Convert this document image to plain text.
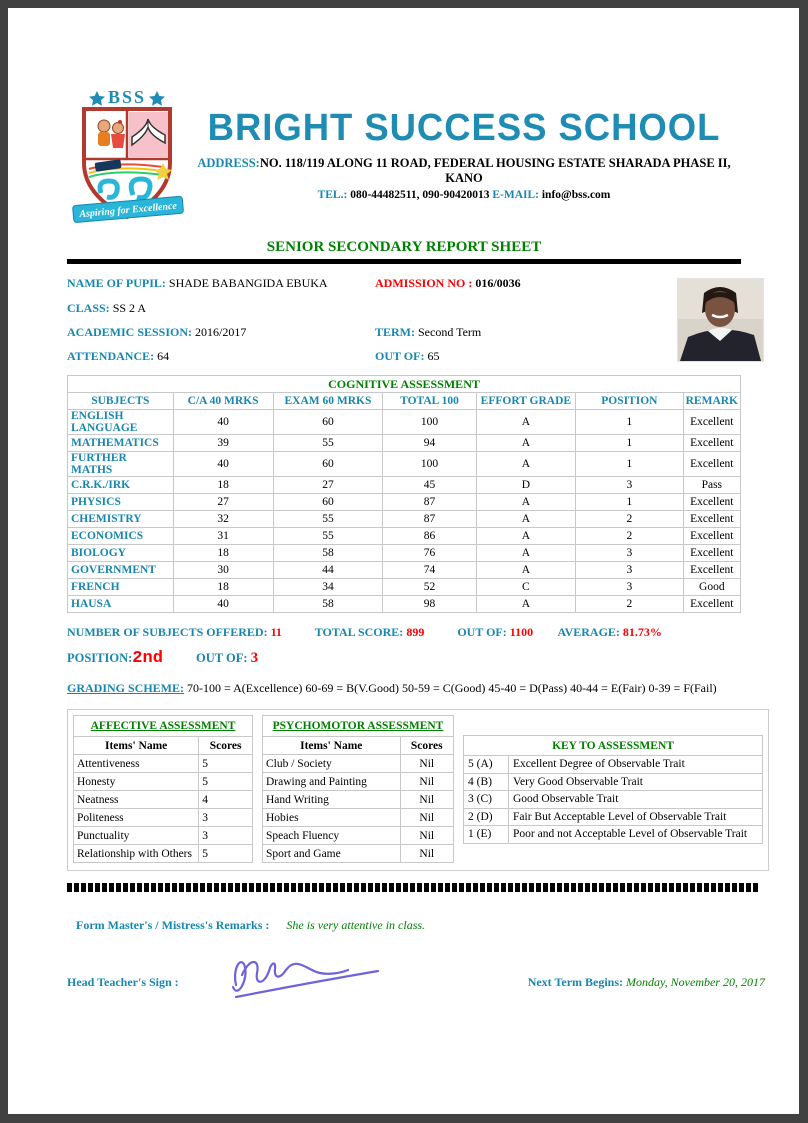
BSS
Aspiring for Excellence
BRIGHT SUCCESS SCHOOL
ADDRESS:NO. 118/119 ALONG 11 ROAD, FEDERAL HOUSING ESTATE SHARADA PHASE II, KANO
TEL.: 080-44482511, 090-90420013 E-MAIL: info@bss.com
SENIOR SECONDARY REPORT SHEET
NAME OF PUPIL: SHADE BABANGIDA EBUKA	ADMISSION NO : 016/0036
CLASS: SS 2 A
ACADEMIC SESSION: 2016/2017	TERM: Second Term
ATTENDANCE: 64	OUT OF: 65
COGNITIVE ASSESSMENT						
SUBJECTS	C/A 40 MRKS	EXAM 60 MRKS	TOTAL 100	EFFORT GRADE	POSITION	REMARK
ENGLISH LANGUAGE	40	60	100	A	1	Excellent
MATHEMATICS	39	55	94	A	1	Excellent
FURTHER MATHS	40	60	100	A	1	Excellent
C.R.K./IRK	18	27	45	D	3	Pass
PHYSICS	27	60	87	A	1	Excellent
CHEMISTRY	32	55	87	A	2	Excellent
ECONOMICS	31	55	86	A	2	Excellent
BIOLOGY	18	58	76	A	3	Excellent
GOVERNMENT	30	44	74	A	3	Excellent
FRENCH	18	34	52	C	3	Good
HAUSA	40	58	98	A	2	Excellent
NUMBER OF SUBJECTS OFFERED: 11	TOTAL SCORE: 899	OUT OF: 1100 AVERAGE: 81.73%
POSITION:2nd	OUT OF: 3
GRADING SCHEME: 70-100 = A(Excellence) 60-69 = B(V.Good) 50-59 = C(Good) 45-40 = D(Pass) 40-44 = E(Fair) 0-39 = F(Fail)
AFFECTIVE ASSESSMENT	
Items' Name	Scores
Attentiveness	5
Honesty	5
Neatness	4
Politeness	3
Punctuality	3
Relationship with Others	5
PSYCHOMOTOR ASSESSMENT	
Items' Name	Scores
Club / Society	Nil
Drawing and Painting	Nil
Hand Writing	Nil
Hobies	Nil
Speach Fluency	Nil
Sport and Game	Nil
KEY TO ASSESSMENT	
5 (A)	Excellent Degree of Observable Trait
4 (B)	Very Good Observable Trait
3 (C)	Good Observable Trait
2 (D)	Fair But Acceptable Level of Observable Trait
1 (E)	Poor and not Acceptable Level of Observable Trait
Form Master's / Mistress's Remarks : She is very attentive in class.
Head Teacher's Sign :	Next Term Begins: Monday, November 20, 2017
